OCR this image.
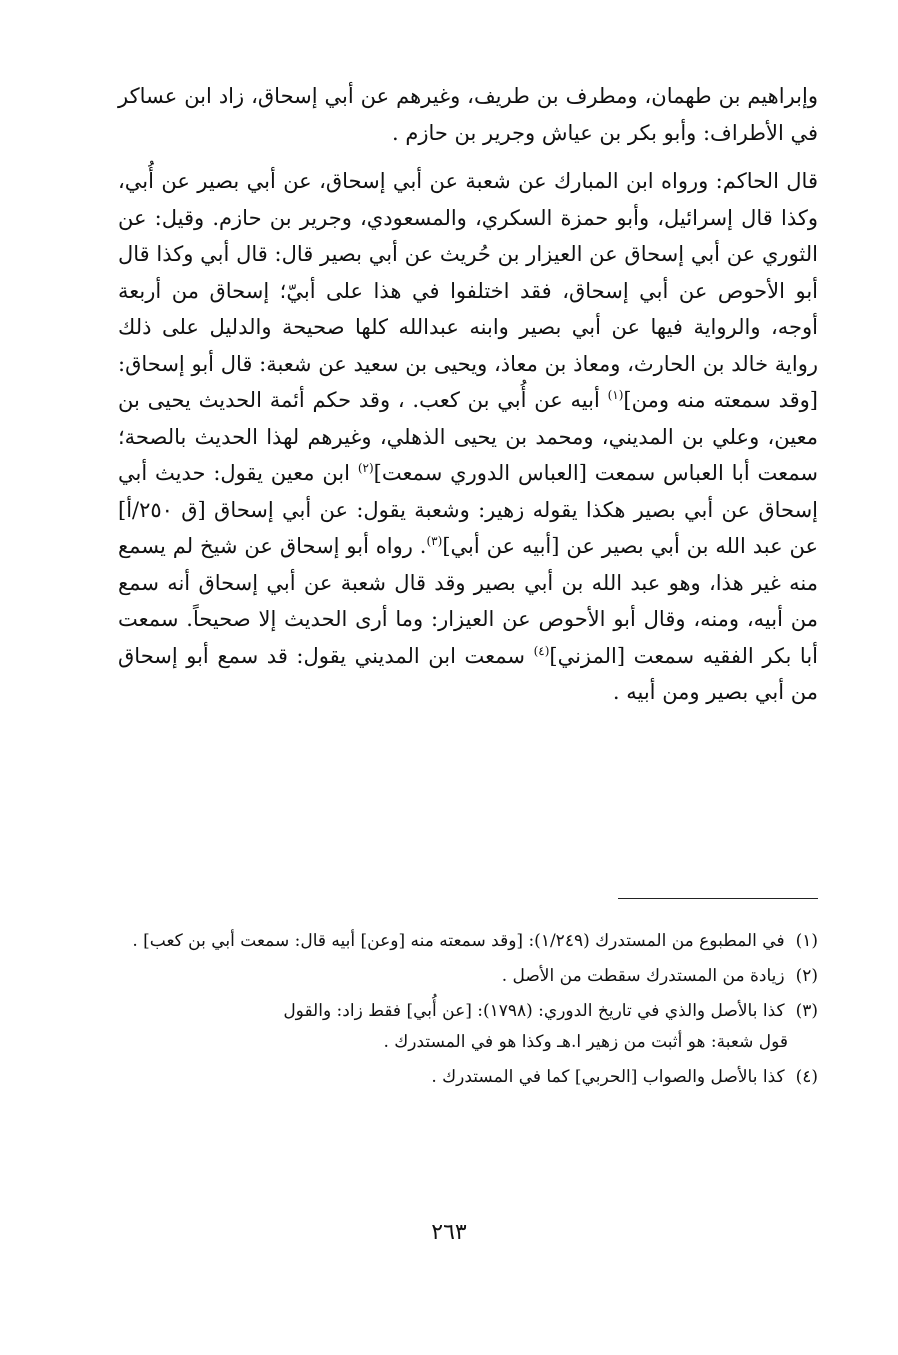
وإبراهيم بن طهمان، ومطرف بن طريف، وغيرهم عن أبي إسحاق، زاد ابن عساكر في الأطراف: وأبو بكر بن عياش وجرير بن حازم .

قال الحاكم: ورواه ابن المبارك عن شعبة عن أبي إسحاق، عن أبي بصير عن أُبي، وكذا قال إسرائيل، وأبو حمزة السكري، والمسعودي، وجرير بن حازم. وقيل: عن الثوري عن أبي إسحاق عن العيزار بن حُريث عن أبي بصير قال: قال أبي وكذا قال أبو الأحوص عن أبي إسحاق، فقد اختلفوا في هذا على أبيّ؛ إسحاق من أربعة أوجه، والرواية فيها عن أبي بصير وابنه عبدالله كلها صحيحة والدليل على ذلك رواية خالد بن الحارث، ومعاذ بن معاذ، ويحيى بن سعيد عن شعبة: قال أبو إسحاق: [وقد سمعته منه ومن]$^{(١)}$ أبيه عن أُبي بن كعب. ، وقد حكم أئمة الحديث يحيى بن معين، وعلي بن المديني، ومحمد بن يحيى الذهلي، وغيرهم لهذا الحديث بالصحة؛ سمعت أبا العباس سمعت [العباس الدوري سمعت]$^{(٢)}$ ابن معين يقول: حديث أبي إسحاق عن أبي بصير هكذا يقوله زهير: وشعبة يقول: عن أبي إسحاق [ق ٢٥٠/أ] عن عبد الله بن أبي بصير عن [أبيه عن أبي]$^{(٣)}$. رواه أبو إسحاق عن شيخ لم يسمع منه غير هذا، وهو عبد الله بن أبي بصير وقد قال شعبة عن أبي إسحاق أنه سمع من أبيه، ومنه، وقال أبو الأحوص عن العيزار: وما أرى الحديث إلا صحيحاً. سمعت أبا بكر الفقيه سمعت [المزني]$^{(٤)}$ سمعت ابن المديني يقول: قد سمع أبو إسحاق من أبي بصير ومن أبيه .

(١) في المطبوع من المستدرك (١/٢٤٩): [وقد سمعته منه [وعن] أبيه قال: سمعت أبي بن كعب] .

(٢) زيادة من المستدرك سقطت من الأصل .

(٣) كذا بالأصل والذي في تاريخ الدوري: (١٧٩٨): [عن أُبي] فقط زاد: والقول
قول شعبة: هو أثبت من زهير ا.هـ وكذا هو في المستدرك .

(٤) كذا بالأصل والصواب [الحربي] كما في المستدرك .

٢٦٣
